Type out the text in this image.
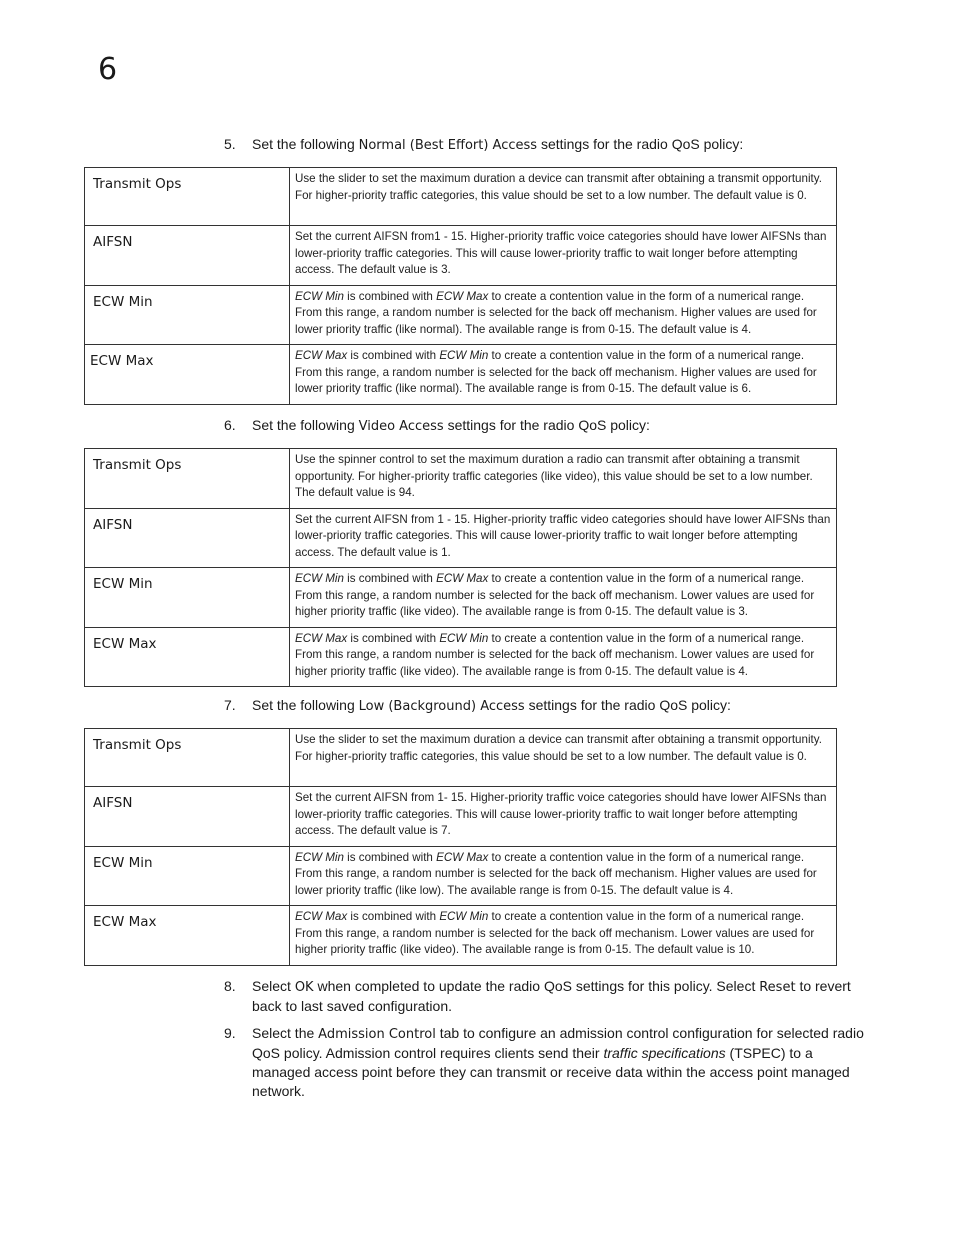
6
5.	Set the following Normal (Best Effort) Access settings for the radio QoS policy:
Transmit Ops	Use the slider to set the maximum duration a device can transmit after obtaining a transmit opportunity. For higher-priority traffic categories, this value should be set to a low number. The default value is 0.
AIFSN	Set the current AIFSN from1 - 15. Higher-priority traffic voice categories should have lower AIFSNs than lower-priority traffic categories. This will cause lower-priority traffic to wait longer before attempting access. The default value is 3.
ECW Min	ECW Min is combined with ECW Max to create a contention value in the form of a numerical range. From this range, a random number is selected for the back off mechanism. Higher values are used for lower priority traffic (like normal). The available range is from 0-15. The default value is 4.
ECW Max	ECW Max is combined with ECW Min to create a contention value in the form of a numerical range. From this range, a random number is selected for the back off mechanism. Higher values are used for lower priority traffic (like normal). The available range is from 0-15. The default value is 6.
6.	Set the following Video Access settings for the radio QoS policy:
Transmit Ops	Use the spinner control to set the maximum duration a radio can transmit after obtaining a transmit opportunity. For higher-priority traffic categories (like video), this value should be set to a low number. The default value is 94.
AIFSN	Set the current AIFSN from 1 - 15. Higher-priority traffic video categories should have lower AIFSNs than lower-priority traffic categories. This will cause lower-priority traffic to wait longer before attempting access. The default value is 1.
ECW Min	ECW Min is combined with ECW Max to create a contention value in the form of a numerical range. From this range, a random number is selected for the back off mechanism. Lower values are used for higher priority traffic (like video). The available range is from 0-15. The default value is 3.
ECW Max	ECW Max is combined with ECW Min to create a contention value in the form of a numerical range. From this range, a random number is selected for the back off mechanism. Lower values are used for higher priority traffic (like video). The available range is from 0-15. The default value is 4.
7.	Set the following Low (Background) Access settings for the radio QoS policy:
Transmit Ops	Use the slider to set the maximum duration a device can transmit after obtaining a transmit opportunity. For higher-priority traffic categories, this value should be set to a low number. The default value is 0.
AIFSN	Set the current AIFSN from 1- 15. Higher-priority traffic voice categories should have lower AIFSNs than lower-priority traffic categories. This will cause lower-priority traffic to wait longer before attempting access. The default value is 7.
ECW Min	ECW Min is combined with ECW Max to create a contention value in the form of a numerical range. From this range, a random number is selected for the back off mechanism. Higher values are used for lower priority traffic (like low). The available range is from 0-15. The default value is 4.
ECW Max	ECW Max is combined with ECW Min to create a contention value in the form of a numerical range. From this range, a random number is selected for the back off mechanism. Lower values are used for higher priority traffic (like video). The available range is from 0-15. The default value is 10.
8.	Select OK when completed to update the radio QoS settings for this policy. Select Reset to revert back to last saved configuration.
9.	Select the Admission Control tab to configure an admission control configuration for selected radio QoS policy. Admission control requires clients send their traffic specifications (TSPEC) to a managed access point before they can transmit or receive data within the access point managed network.
